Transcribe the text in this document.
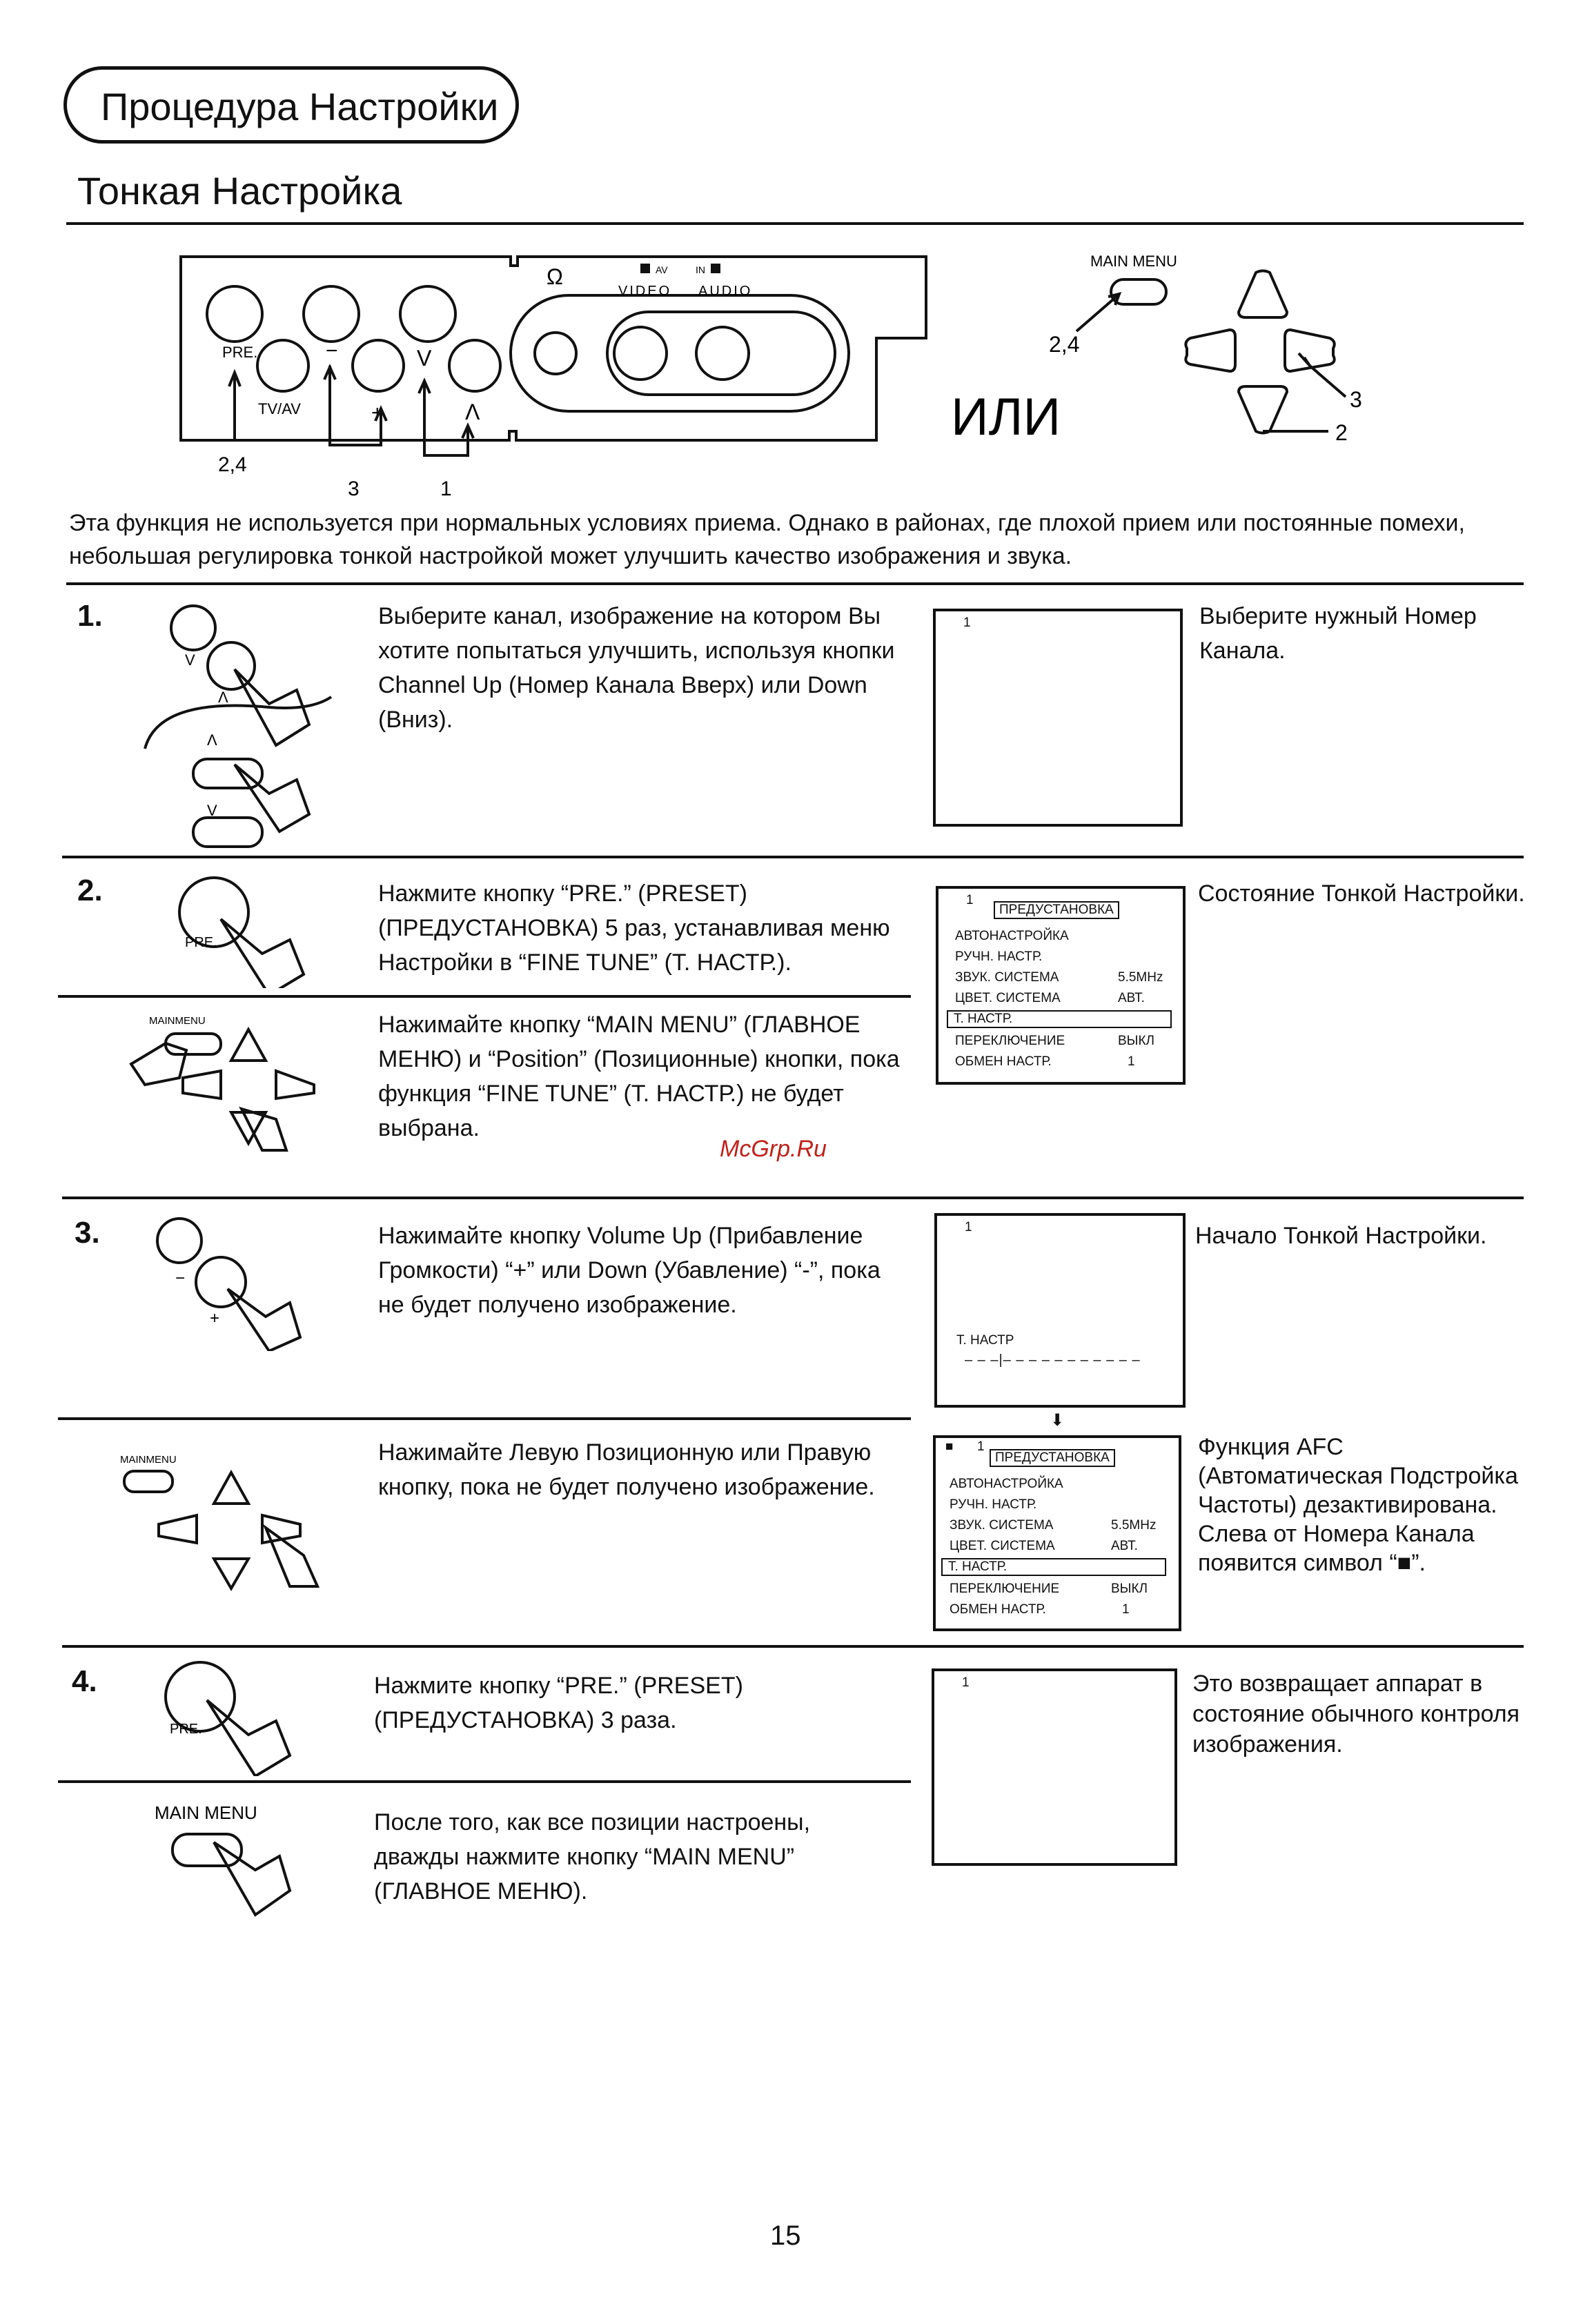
Процедура Настройки
Тонкая Настройка
PRE.
TV/AV
−
+
V
Λ
Ω	AV	IN
VIDEO AUDIO
2,4
3	1
MAIN MENU
2,4
3
2
ИЛИ
Эта функция не используется при нормальных условиях приема. Однако в районах, где плохой прием или постоянные помехи, небольшая регулировка тонкой настройкой может улучшить качество изображения и звука.
1.
V
Λ
Λ
V
Выберите канал, изображение на котором Вы хотите попытаться улучшить, используя кнопки Channel Up (Номер Канала Вверх) или Down (Вниз).
1	Выберите нужный Номер Канала.
2.
PRE.
Нажмите кнопку “PRE.” (PRESET) (ПРЕДУСТАНОВКА) 5 раз, устанавливая меню Настройки в “FINE TUNE” (Т. НАСТР.).
MAINMENU	Нажимайте кнопку “MAIN MENU” (ГЛАВНОЕ МЕНЮ) и “Position” (Позиционные) кнопки, пока функция “FINE TUNE” (Т. НАСТР.) не будет выбрана.
McGrp.Ru
1
ПРЕДУСТАНОВКА
АВТОНАСТРОЙКА
РУЧН. НАСТР.
ЗВУК. СИСТЕМА	5.5MHz
ЦВЕТ. СИСТЕМА	АВТ.
Т. НАСТР.
ПЕРЕКЛЮЧЕНИЕ	ВЫКЛ
ОБМЕН НАСТР.	1
Состояние Тонкой Настройки.
3.
−
+
Нажимайте кнопку Volume Up (Прибавление Громкости) “+” или Down (Убавление) “-”, пока не будет получено изображение.
1
Т. НАСТР
– – –|– – – – – – – – – – –
⬇
Начало Тонкой Настройки.
MAINMENU	Нажимайте Левую Позиционную или Правую кнопку, пока не будет получено изображение.
■ 1
ПРЕДУСТАНОВКА
АВТОНАСТРОЙКА
РУЧН. НАСТР.
ЗВУК. СИСТЕМА	5.5MHz
ЦВЕТ. СИСТЕМА	АВТ.
Т. НАСТР.
ПЕРЕКЛЮЧЕНИЕ	ВЫКЛ
ОБМЕН НАСТР.	1
Функция AFC (Автоматическая Подстройка Частоты) дезактивирована. Слева от Номера Канала появится символ “■”.
4.
PRE.
Нажмите кнопку “PRE.” (PRESET) (ПРЕДУСТАНОВКА) 3 раза.
MAIN MENU	После того, как все позиции настроены, дважды нажмите кнопку “MAIN MENU” (ГЛАВНОЕ МЕНЮ).
1	Это возвращает аппарат в состояние обычного контроля изображения.
15
